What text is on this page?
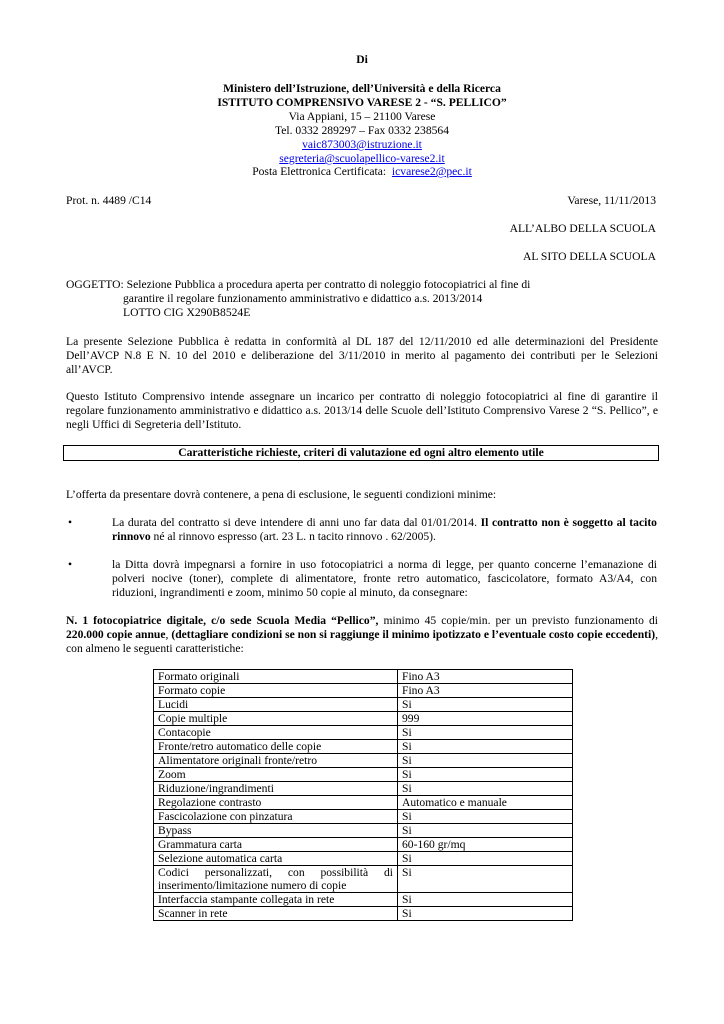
Di
Ministero dell’Istruzione, dell’Università e della Ricerca
ISTITUTO COMPRENSIVO VARESE 2 - “S. PELLICO”
Via Appiani, 15 – 21100 Varese
Tel. 0332 289297 – Fax 0332 238564
vaic873003@istruzione.it
segreteria@scuolapellico-varese2.it
Posta Elettronica Certificata: icvarese2@pec.it
Prot. n. 4489 /C14	Varese, 11/11/2013
ALL’ALBO DELLA SCUOLA
AL SITO DELLA SCUOLA
OGGETTO: Selezione Pubblica a procedura aperta per contratto di noleggio fotocopiatrici al fine di
garantire il regolare funzionamento amministrativo e didattico a.s. 2013/2014
LOTTO CIG X290B8524E
La presente Selezione Pubblica è redatta in conformità al DL 187 del 12/11/2010 ed alle determinazioni del Presidente Dell’AVCP N.8 E N. 10 del 2010 e deliberazione del 3/11/2010 in merito al pagamento dei contributi per le Selezioni all’AVCP.
Questo Istituto Comprensivo intende assegnare un incarico per contratto di noleggio fotocopiatrici al fine di garantire il regolare funzionamento amministrativo e didattico a.s. 2013/14 delle Scuole dell’Istituto Comprensivo Varese 2 “S. Pellico”, e negli Uffici di Segreteria dell’Istituto.
Caratteristiche richieste, criteri di valutazione ed ogni altro elemento utile
L’offerta da presentare dovrà contenere, a pena di esclusione, le seguenti condizioni minime:
•	La durata del contratto si deve intendere di anni uno far data dal 01/01/2014. Il contratto non è soggetto al tacito rinnovo né al rinnovo espresso (art. 23 L. n tacito rinnovo . 62/2005).
•	la Ditta dovrà impegnarsi a fornire in uso fotocopiatrici a norma di legge, per quanto concerne l’emanazione di polveri nocive (toner), complete di alimentatore, fronte retro automatico, fascicolatore, formato A3/A4, con riduzioni, ingrandimenti e zoom, minimo 50 copie al minuto, da consegnare:
N. 1 fotocopiatrice digitale, c/o sede Scuola Media “Pellico”, minimo 45 copie/min. per un previsto funzionamento di 220.000 copie annue, (dettagliare condizioni se non si raggiunge il minimo ipotizzato e l’eventuale costo copie eccedenti), con almeno le seguenti caratteristiche:
Formato originali	Fino A3
Formato copie	Fino A3
Lucidi	Si
Copie multiple	999
Contacopie	Si
Fronte/retro automatico delle copie	Si
Alimentatore originali fronte/retro	Si
Zoom	Si
Riduzione/ingrandimenti	Si
Regolazione contrasto	Automatico e manuale
Fascicolazione con pinzatura	Si
Bypass	Si
Grammatura carta	60-160 gr/mq
Selezione automatica carta	Si
Codici personalizzati, con possibilità di inserimento/limitazione numero di copie	Si
Interfaccia stampante collegata in rete	Si
Scanner in rete	Si
